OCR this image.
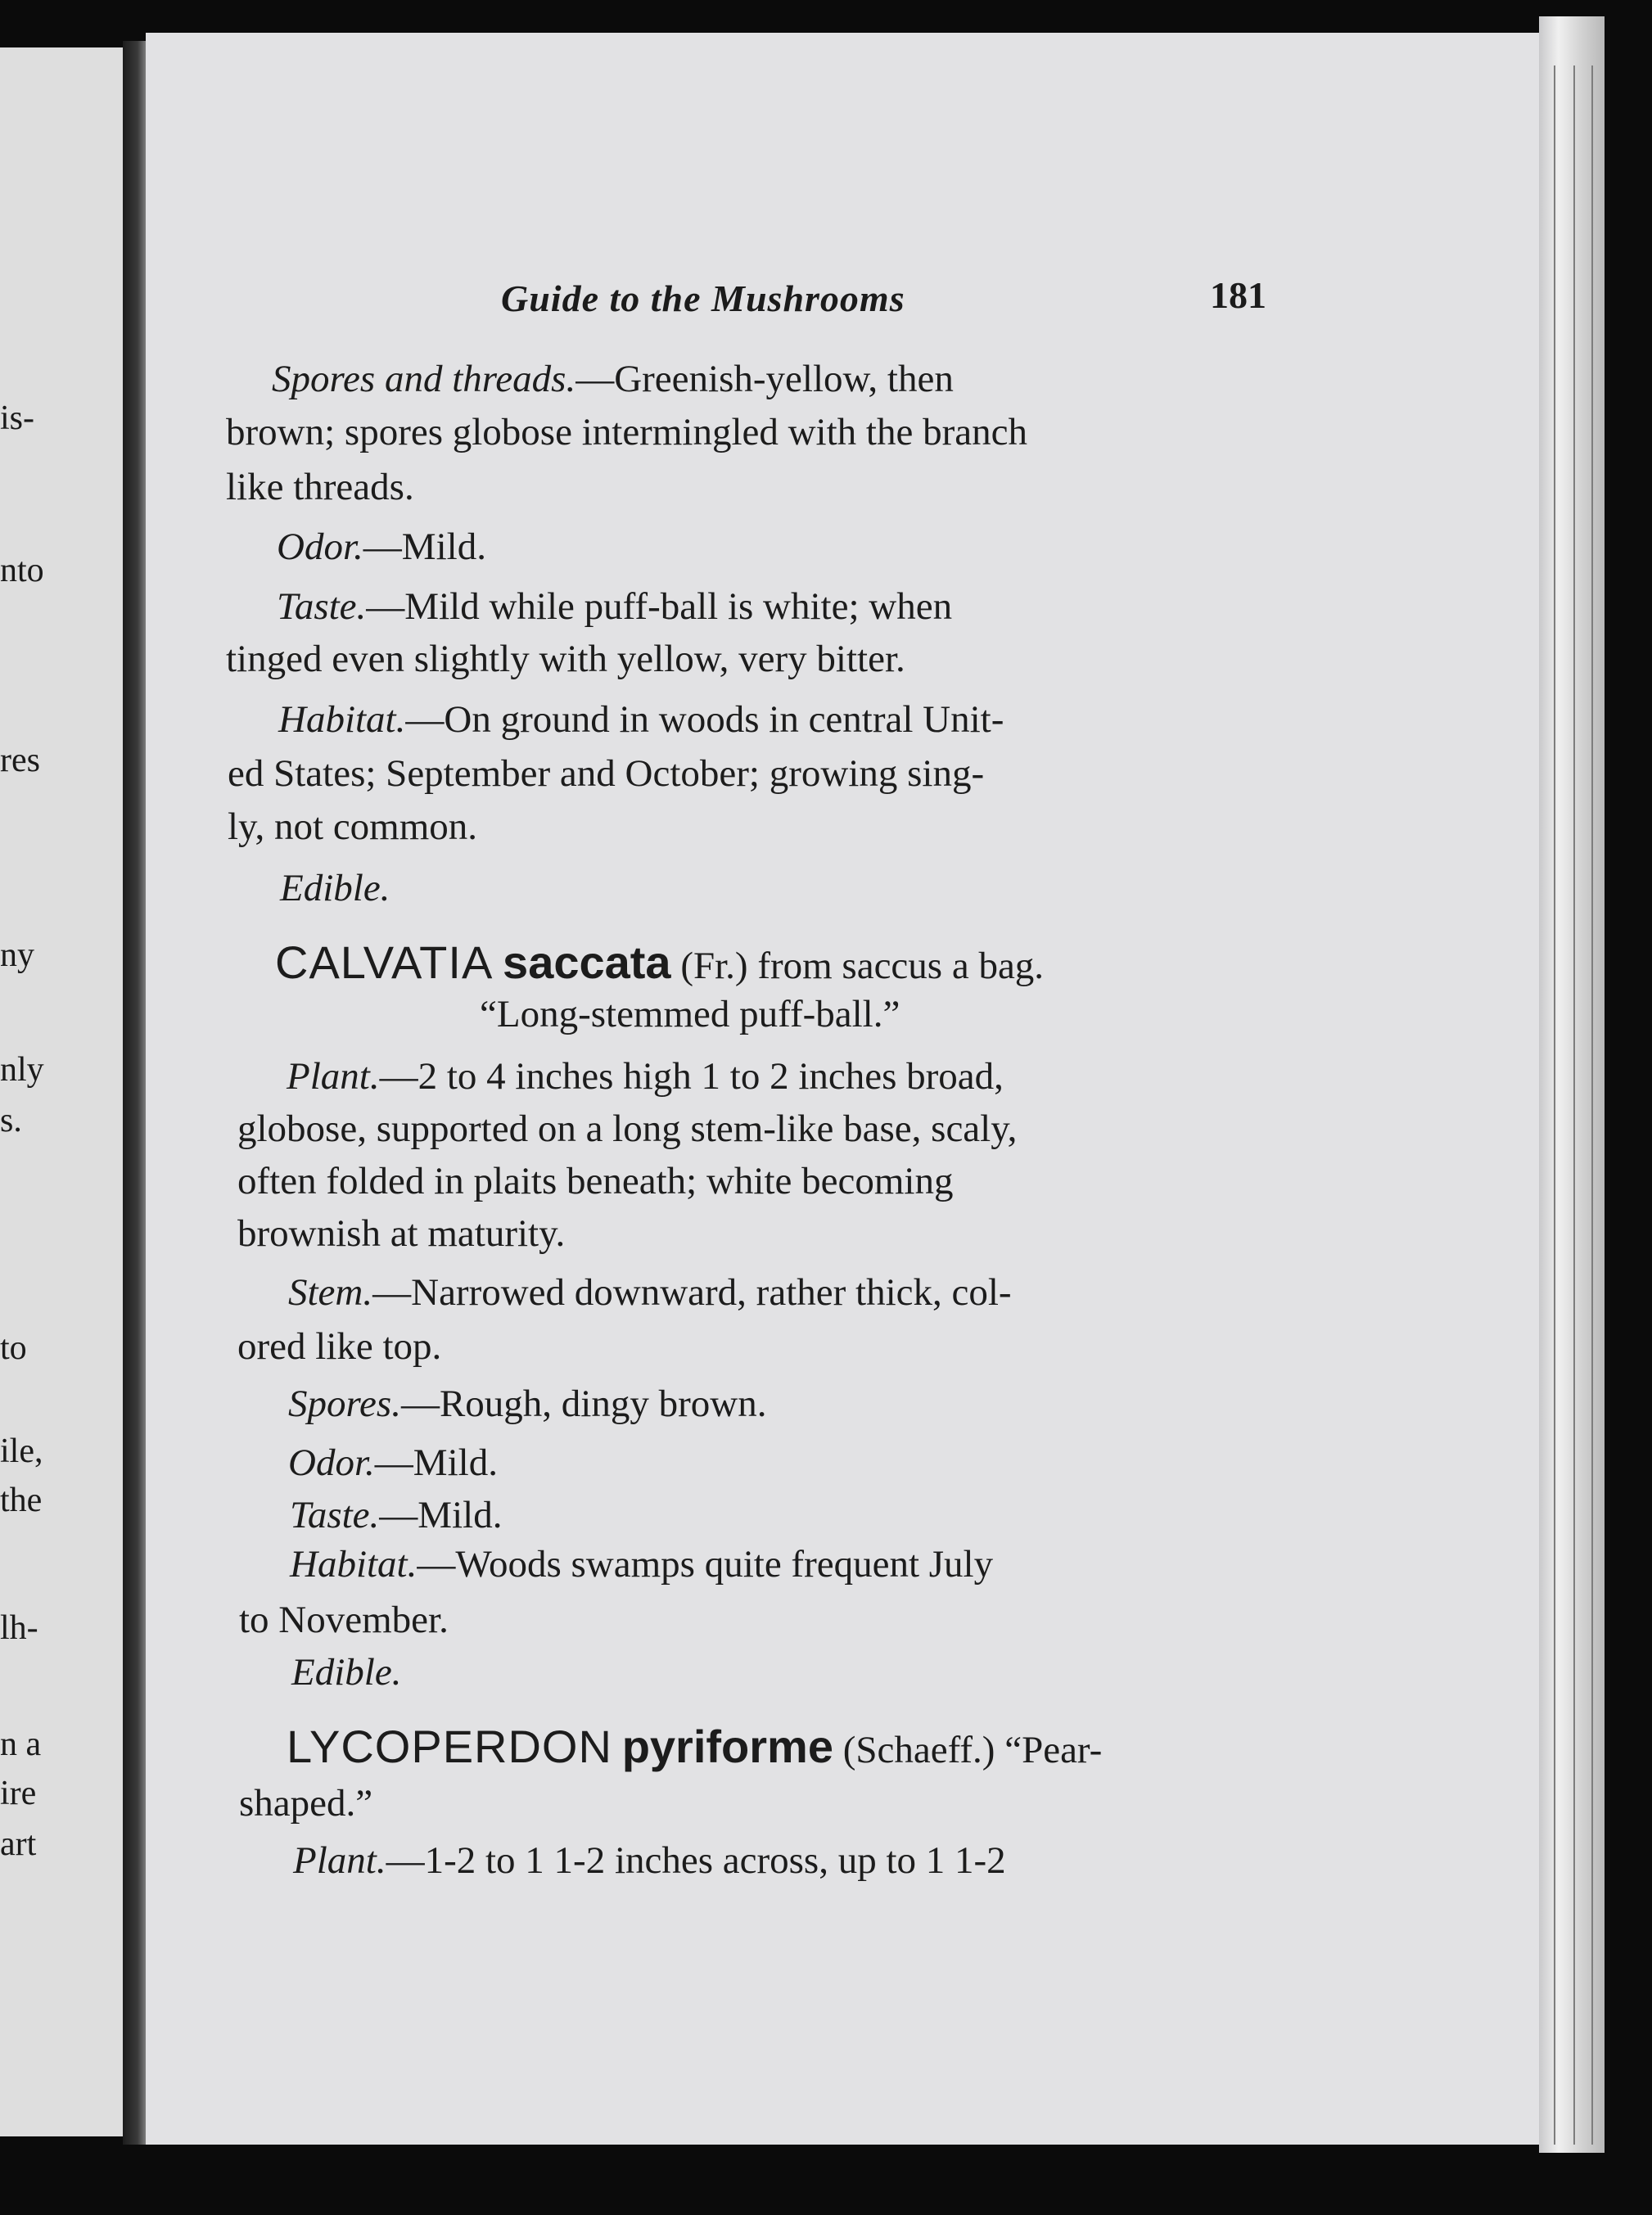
is-
nto
res
ny
nly
s.
to
ile,
the
lh-
n a
ire
art
Guide to the Mushrooms	181
Spores and threads.—Greenish-yellow, then
brown; spores globose intermingled with the branch
like threads.
Odor.—Mild.
Taste.—Mild while puff-ball is white; when
tinged even slightly with yellow, very bitter.
Habitat.—On ground in woods in central Unit-
ed States; September and October; growing sing-
ly, not common.
Edible.
CALVATIA saccata (Fr.) from saccus a bag.
“Long-stemmed puff-ball.”
Plant.—2 to 4 inches high 1 to 2 inches broad,
globose, supported on a long stem-like base, scaly,
often folded in plaits beneath; white becoming
brownish at maturity.
Stem.—Narrowed downward, rather thick, col-
ored like top.
Spores.—Rough, dingy brown.
Odor.—Mild.
Taste.—Mild.
Habitat.—Woods swamps quite frequent July
to November.
Edible.
LYCOPERDON pyriforme (Schaeff.) “Pear-
shaped.”
Plant.—1-2 to 1 1-2 inches across, up to 1 1-2
